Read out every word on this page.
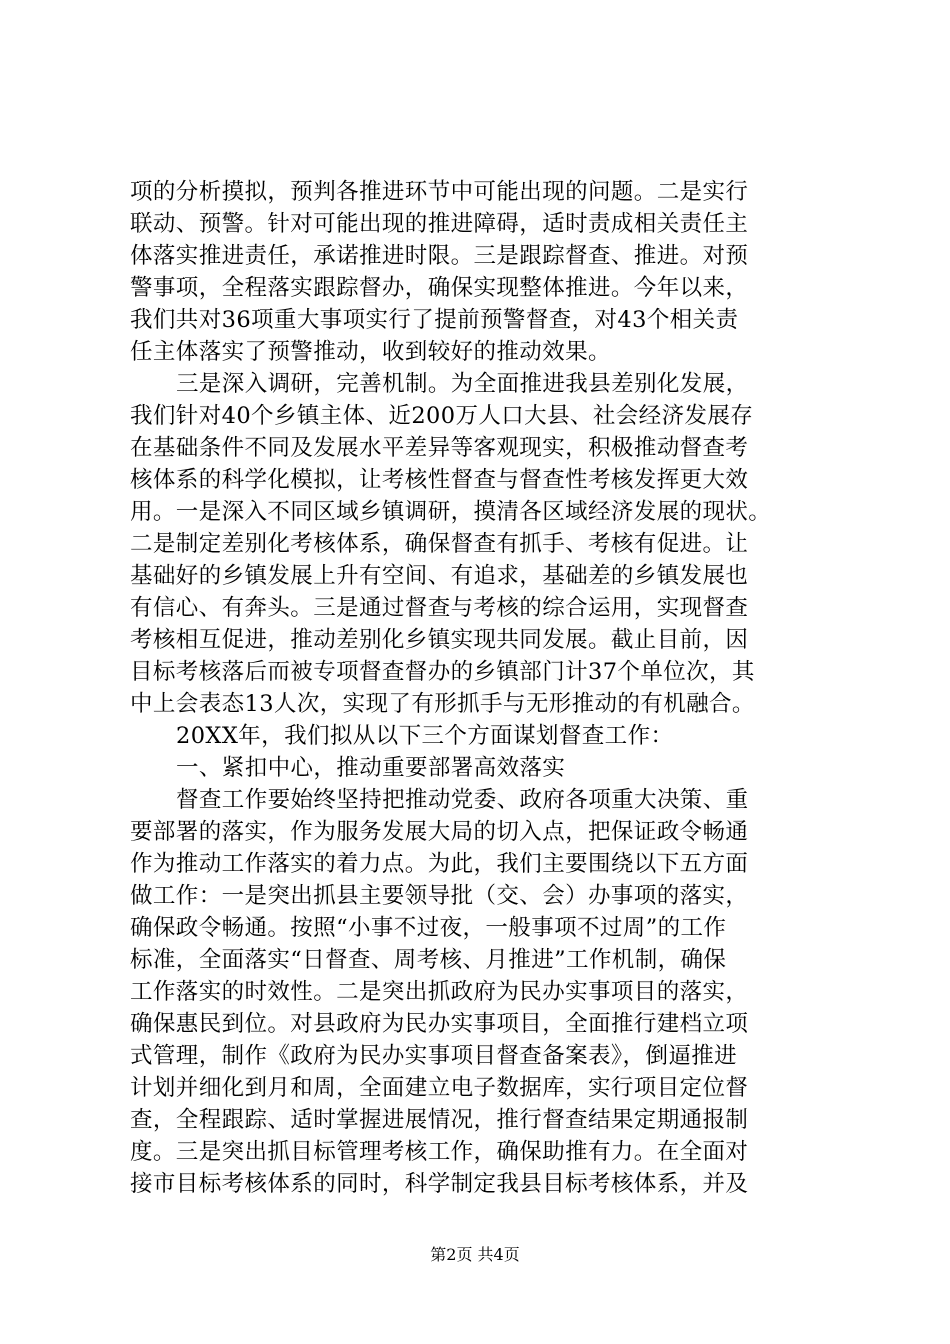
项的分析摸拟，预判各推进环节中可能出现的问题。二是实行
联动、预警。针对可能出现的推进障碍，适时责成相关责任主
体落实推进责任，承诺推进时限。三是跟踪督查、推进。对预
警事项，全程落实跟踪督办，确保实现整体推进。今年以来，
我们共对36项重大事项实行了提前预警督查，对43个相关责
任主体落实了预警推动，收到较好的推动效果。
三是深入调研，完善机制。为全面推进我县差别化发展，
我们针对40个乡镇主体、近200万人口大县、社会经济发展存
在基础条件不同及发展水平差异等客观现实，积极推动督查考
核体系的科学化模拟，让考核性督查与督查性考核发挥更大效
用。一是深入不同区域乡镇调研，摸清各区域经济发展的现状。
二是制定差别化考核体系，确保督查有抓手、考核有促进。让
基础好的乡镇发展上升有空间、有追求，基础差的乡镇发展也
有信心、有奔头。三是通过督查与考核的综合运用，实现督查
考核相互促进，推动差别化乡镇实现共同发展。截止目前，因
目标考核落后而被专项督查督办的乡镇部门计37个单位次，其
中上会表态13人次，实现了有形抓手与无形推动的有机融合。
20XX年，我们拟从以下三个方面谋划督查工作：
一、紧扣中心，推动重要部署高效落实
督查工作要始终坚持把推动党委、政府各项重大决策、重
要部署的落实，作为服务发展大局的切入点，把保证政令畅通
作为推动工作落实的着力点。为此，我们主要围绕以下五方面
做工作：一是突出抓县主要领导批（交、会）办事项的落实，
确保政令畅通。按照“小事不过夜，一般事项不过周”的工作
标准，全面落实“日督查、周考核、月推进”工作机制，确保
工作落实的时效性。二是突出抓政府为民办实事项目的落实，
确保惠民到位。对县政府为民办实事项目，全面推行建档立项
式管理，制作《政府为民办实事项目督查备案表》，倒逼推进
计划并细化到月和周，全面建立电子数据库，实行项目定位督
查，全程跟踪、适时掌握进展情况，推行督查结果定期通报制
度。三是突出抓目标管理考核工作，确保助推有力。在全面对
接市目标考核体系的同时，科学制定我县目标考核体系，并及
第2页 共4页
